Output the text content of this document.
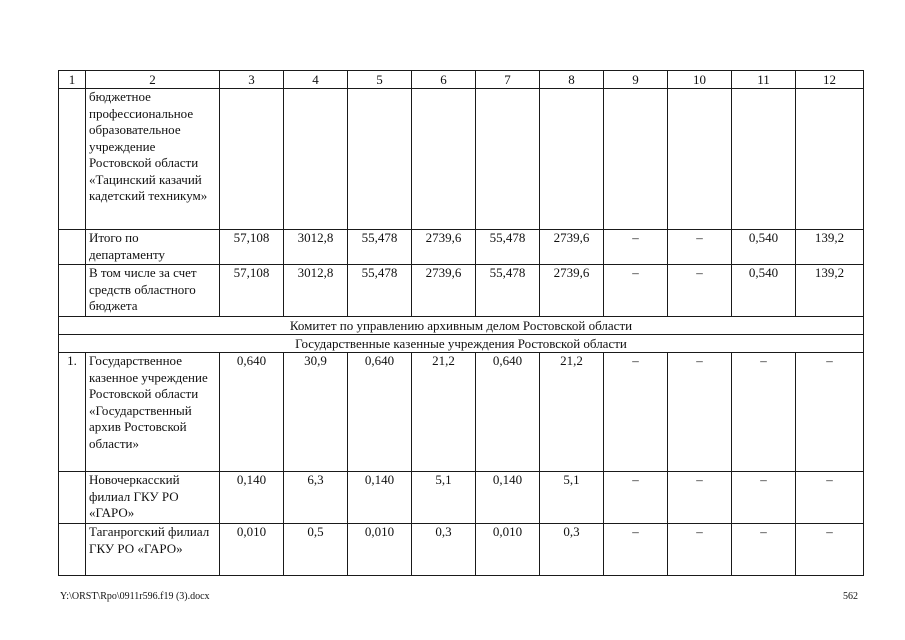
1	2	3	4	5	6	7	8	9	10	11	12
	бюджетное профессиональное образовательное учреждение Ростовской области «Тацинский казачий кадетский техникум»										
	Итого по департаменту	57,108	3012,8	55,478	2739,6	55,478	2739,6	–	–	0,540	139,2
	В том числе за счет средств областного бюджета	57,108	3012,8	55,478	2739,6	55,478	2739,6	–	–	0,540	139,2
Комитет по управлению архивным делом Ростовской области											
Государственные казенные учреждения Ростовской области											
1.	Государственное казенное учреждение Ростовской области «Государственный архив Ростовской области»	0,640	30,9	0,640	21,2	0,640	21,2	–	–	–	–
	Новочеркасский филиал ГКУ РО «ГАРО»	0,140	6,3	0,140	5,1	0,140	5,1	–	–	–	–
	Таганрогский филиал ГКУ РО «ГАРО»	0,010	0,5	0,010	0,3	0,010	0,3	–	–	–	–
Y:\ORST\Rpo\0911r596.f19 (3).docx	562
